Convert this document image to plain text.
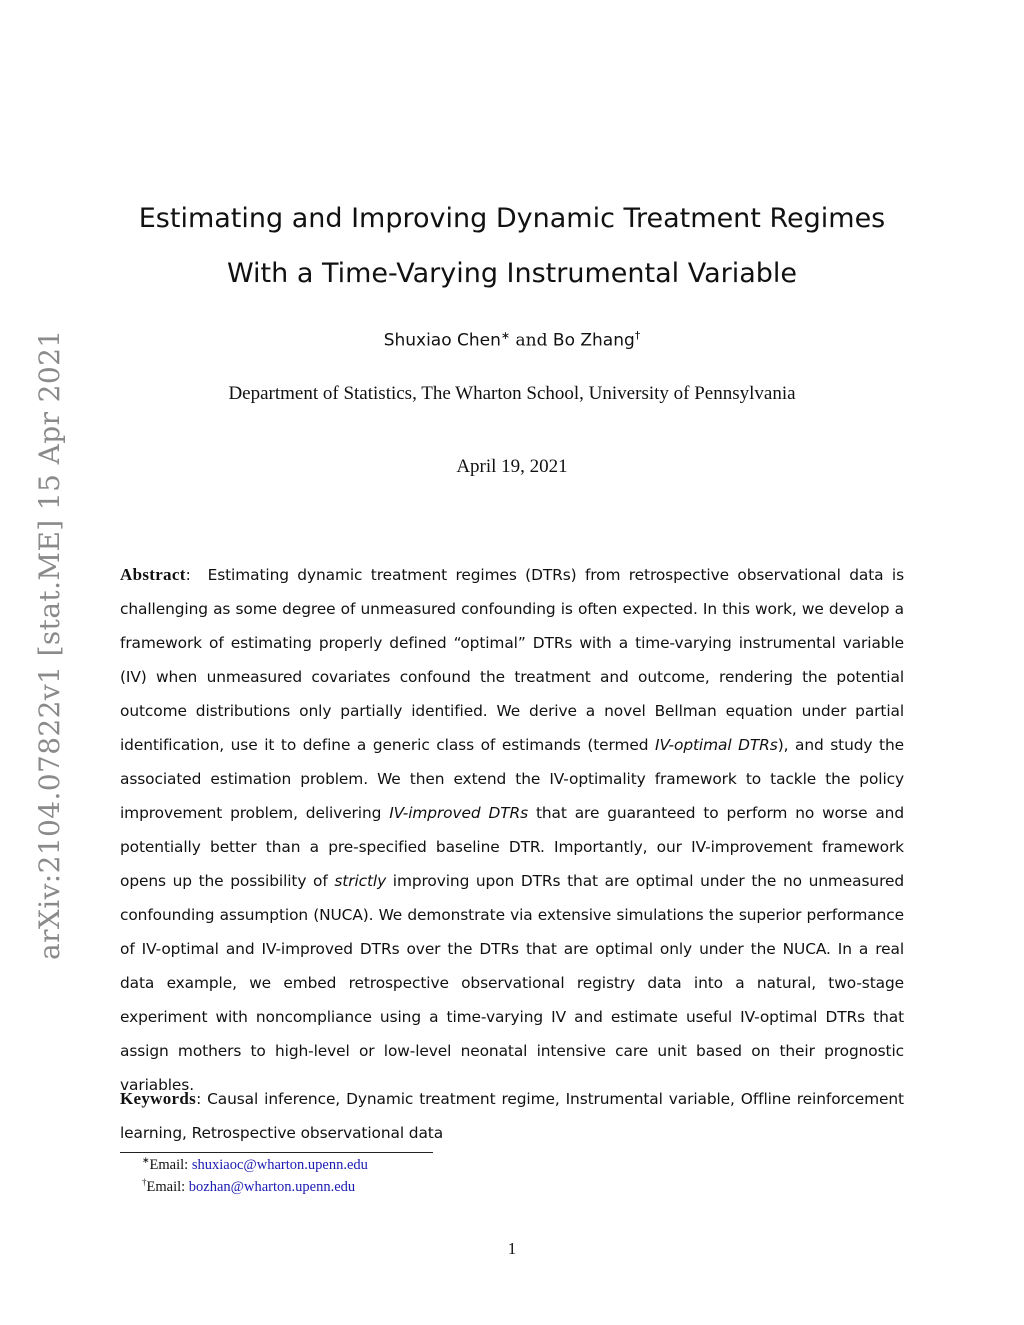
arXiv:2104.07822v1 [stat.ME] 15 Apr 2021
Estimating and Improving Dynamic Treatment Regimes
With a Time-Varying Instrumental Variable
Shuxiao Chen∗ and Bo Zhang†
Department of Statistics, The Wharton School, University of Pennsylvania
April 19, 2021

Abstract: Estimating dynamic treatment regimes (DTRs) from retrospective observational data is challenging as some degree of unmeasured confounding is often expected. In this work, we develop a framework of estimating properly defined “optimal” DTRs with a time-varying instrumental variable (IV) when unmeasured covariates confound the treatment and outcome, rendering the potential outcome distributions only partially identified. We derive a novel Bellman equation under partial identification, use it to define a generic class of estimands (termed IV-optimal DTRs), and study the associated estimation problem. We then extend the IV-optimality framework to tackle the policy improvement problem, delivering IV-improved DTRs that are guaranteed to perform no worse and potentially better than a pre-specified baseline DTR. Importantly, our IV-improvement framework opens up the possibility of strictly improving upon DTRs that are optimal under the no unmeasured confounding assumption (NUCA). We demonstrate via extensive simulations the superior performance of IV-optimal and IV-improved DTRs over the DTRs that are optimal only under the NUCA. In a real data example, we embed retrospective observational registry data into a natural, two-stage experiment with noncompliance using a time-varying IV and estimate useful IV-optimal DTRs that assign mothers to high-level or low-level neonatal intensive care unit based on their prognostic variables.

Keywords: Causal inference, Dynamic treatment regime, Instrumental variable, Offline reinforcement learning, Retrospective observational data

∗Email: shuxiaoc@wharton.upenn.edu
†Email: bozhan@wharton.upenn.edu
1
